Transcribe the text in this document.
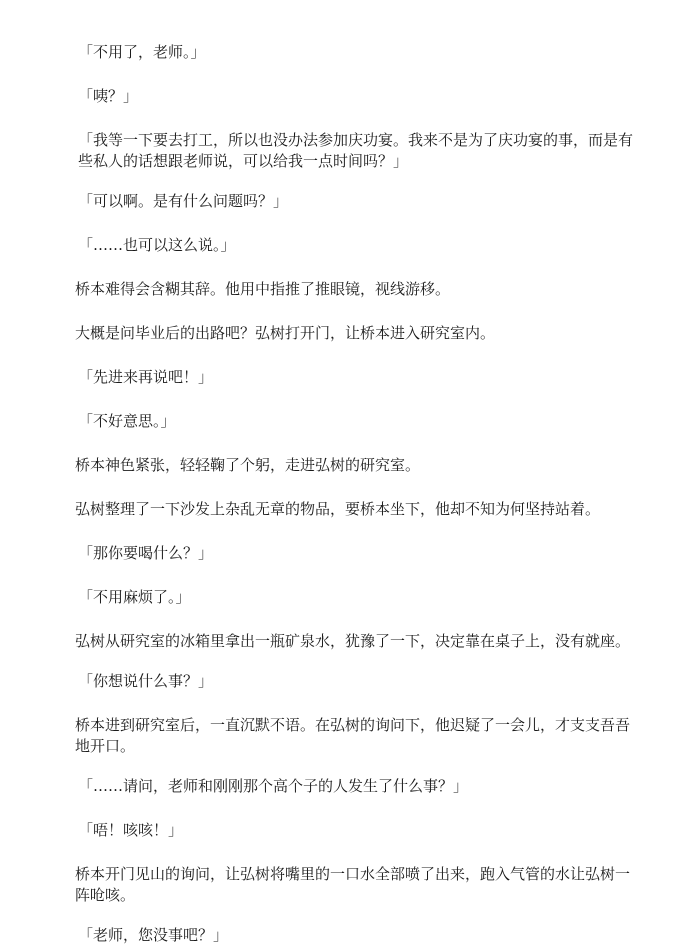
「不用了，老师。」

「咦？」

「我等一下要去打工，所以也没办法参加庆功宴。我来不是为了庆功宴的事，而是有些私人的话想跟老师说，可以给我一点时间吗？」

「可以啊。是有什么问题吗？」

「……也可以这么说。」

桥本难得会含糊其辞。他用中指推了推眼镜，视线游移。

大概是问毕业后的出路吧？弘树打开门，让桥本进入研究室内。

「先进来再说吧！」

「不好意思。」

桥本神色紧张，轻轻鞠了个躬，走进弘树的研究室。

弘树整理了一下沙发上杂乱无章的物品，要桥本坐下，他却不知为何坚持站着。

「那你要喝什么？」

「不用麻烦了。」

弘树从研究室的冰箱里拿出一瓶矿泉水，犹豫了一下，决定靠在桌子上，没有就座。

「你想说什么事？」

桥本进到研究室后，一直沉默不语。在弘树的询问下，他迟疑了一会儿，才支支吾吾地开口。

「……请问，老师和刚刚那个高个子的人发生了什么事？」

「唔！咳咳！」

桥本开门见山的询问，让弘树将嘴里的一口水全部喷了出来，跑入气管的水让弘树一阵呛咳。

「老师，您没事吧？」
